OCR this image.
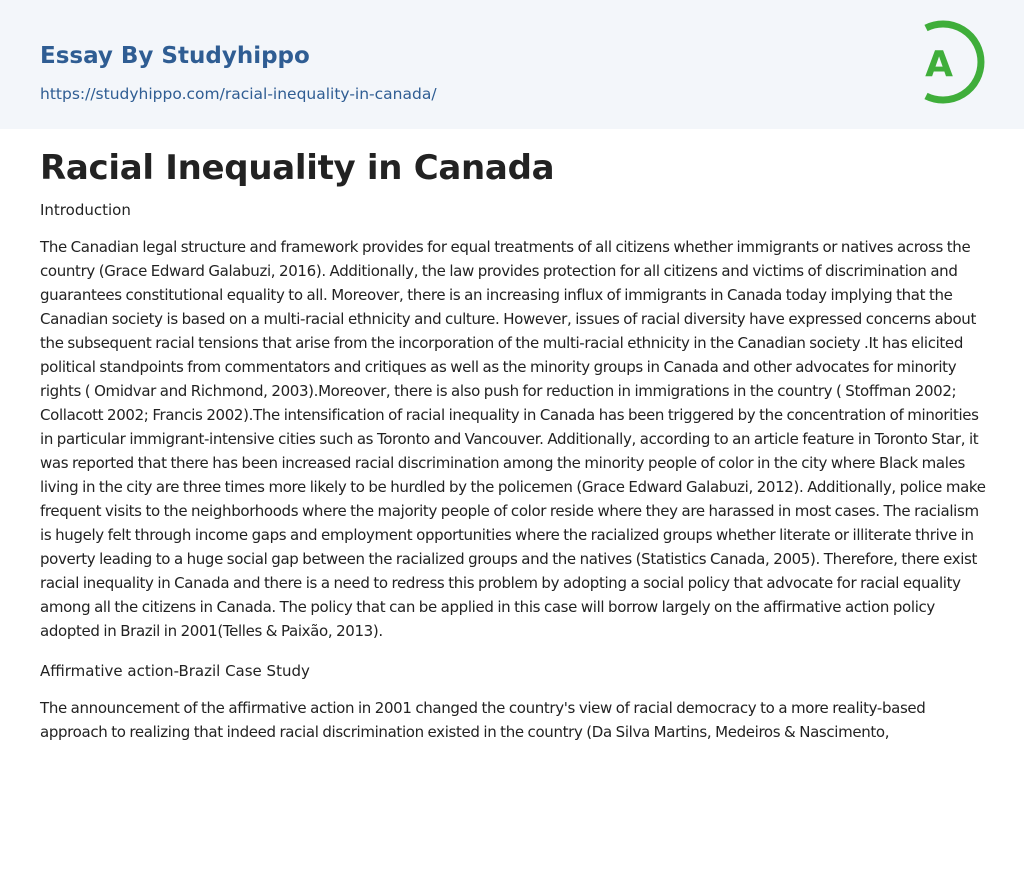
Essay By Studyhippo
https://studyhippo.com/racial-inequality-in-canada/
A
Racial Inequality in Canada
Introduction

The Canadian legal structure and framework provides for equal treatments of all citizens whether immigrants or natives across the country (Grace Edward Galabuzi, 2016). Additionally, the law provides protection for all citizens and victims of discrimination and guarantees constitutional equality to all. Moreover, there is an increasing influx of immigrants in Canada today implying that the Canadian society is based on a multi-racial ethnicity and culture. However, issues of racial diversity have expressed concerns about the subsequent racial tensions that arise from the incorporation of the multi-racial ethnicity in the Canadian society .It has elicited political standpoints from commentators and critiques as well as the minority groups in Canada and other advocates for minority rights ( Omidvar and Richmond, 2003).Moreover, there is also push for reduction in immigrations in the country ( Stoffman 2002; Collacott 2002; Francis 2002).The intensification of racial inequality in Canada has been triggered by the concentration of minorities in particular immigrant-intensive cities such as Toronto and Vancouver. Additionally, according to an article feature in Toronto Star, it was reported that there has been increased racial discrimination among the minority people of color in the city where Black males living in the city are three times more likely to be hurdled by the policemen (Grace Edward Galabuzi, 2012). Additionally, police make frequent visits to the neighborhoods where the majority people of color reside where they are harassed in most cases. The racialism is hugely felt through income gaps and employment opportunities where the racialized groups whether literate or illiterate thrive in poverty leading to a huge social gap between the racialized groups and the natives (Statistics Canada, 2005). Therefore, there exist racial inequality in Canada and there is a need to redress this problem by adopting a social policy that advocate for racial equality among all the citizens in Canada. The policy that can be applied in this case will borrow largely on the affirmative action policy adopted in Brazil in 2001(Telles & Paixão, 2013).

Affirmative action-Brazil Case Study

The announcement of the affirmative action in 2001 changed the country's view of racial democracy to a more reality-based approach to realizing that indeed racial discrimination existed in the country (Da Silva Martins, Medeiros & Nascimento,
